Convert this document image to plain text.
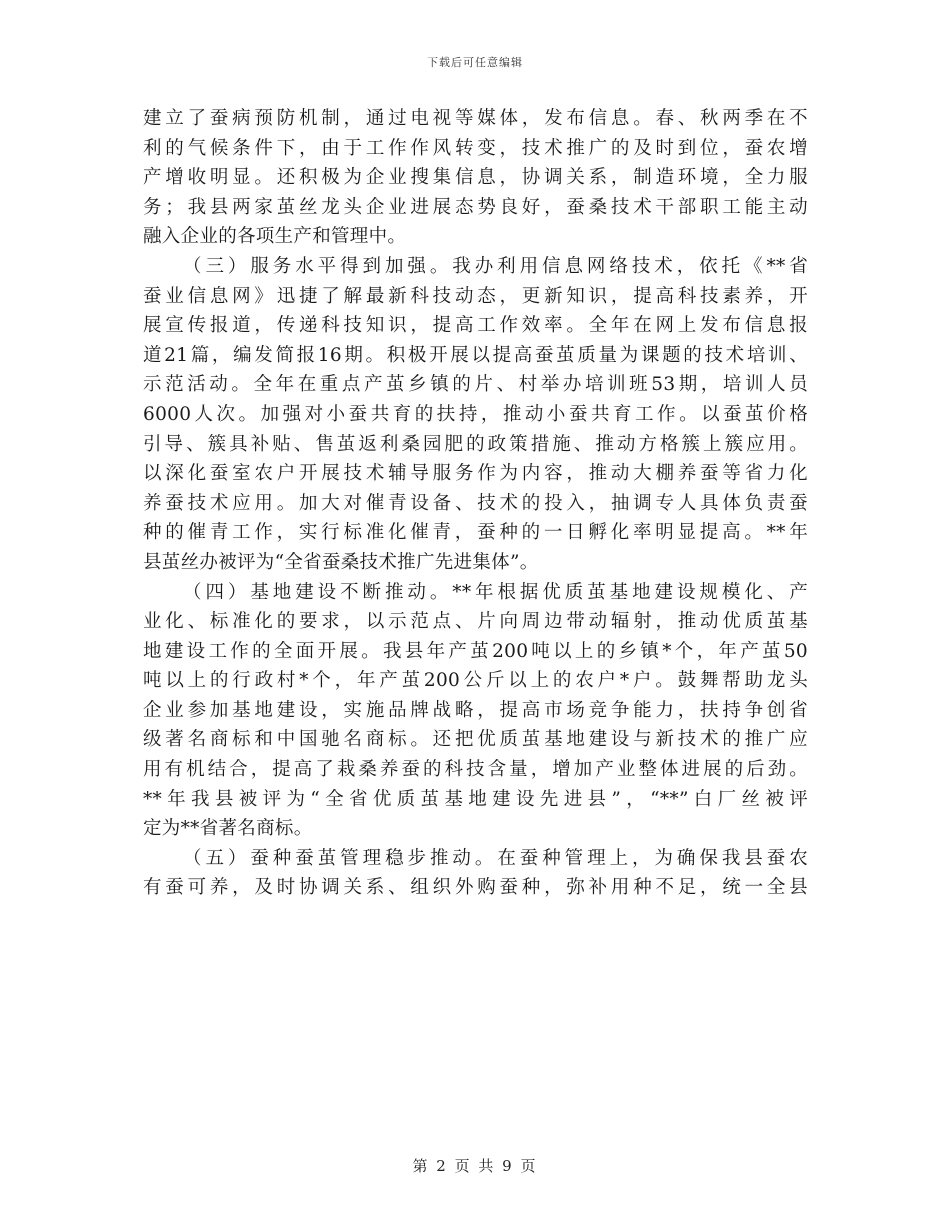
下载后可任意编辑
建立了蚕病预防机制，通过电视等媒体，发布信息。春、秋两季在不
利的气候条件下，由于工作作风转变，技术推广的及时到位，蚕农增
产增收明显。还积极为企业搜集信息，协调关系，制造环境，全力服
务；我县两家茧丝龙头企业进展态势良好，蚕桑技术干部职工能主动
融入企业的各项生产和管理中。
（三）服务水平得到加强。我办利用信息网络技术，依托《**省
蚕业信息网》迅捷了解最新科技动态，更新知识，提高科技素养，开
展宣传报道，传递科技知识，提高工作效率。全年在网上发布信息报
道21篇，编发简报16期。积极开展以提高蚕茧质量为课题的技术培训、
示范活动。全年在重点产茧乡镇的片、村举办培训班53期，培训人员
6000人次。加强对小蚕共育的扶持，推动小蚕共育工作。以蚕茧价格
引导、簇具补贴、售茧返利桑园肥的政策措施、推动方格簇上簇应用。
以深化蚕室农户开展技术辅导服务作为内容，推动大棚养蚕等省力化
养蚕技术应用。加大对催青设备、技术的投入，抽调专人具体负责蚕
种的催青工作，实行标准化催青，蚕种的一日孵化率明显提高。**年
县茧丝办被评为“全省蚕桑技术推广先进集体”。
（四）基地建设不断推动。**年根据优质茧基地建设规模化、产
业化、标准化的要求，以示范点、片向周边带动辐射，推动优质茧基
地建设工作的全面开展。我县年产茧200吨以上的乡镇*个，年产茧50
吨以上的行政村*个，年产茧200公斤以上的农户*户。鼓舞帮助龙头
企业参加基地建设，实施品牌战略，提高市场竞争能力，扶持争创省
级著名商标和中国驰名商标。还把优质茧基地建设与新技术的推广应
用有机结合，提高了栽桑养蚕的科技含量，增加产业整体进展的后劲。
**年我县被评为“全省优质茧基地建设先进县”，“**”白厂丝被评
定为**省著名商标。
（五）蚕种蚕茧管理稳步推动。在蚕种管理上，为确保我县蚕农
有蚕可养，及时协调关系、组织外购蚕种，弥补用种不足，统一全县
第 2 页 共 9 页
